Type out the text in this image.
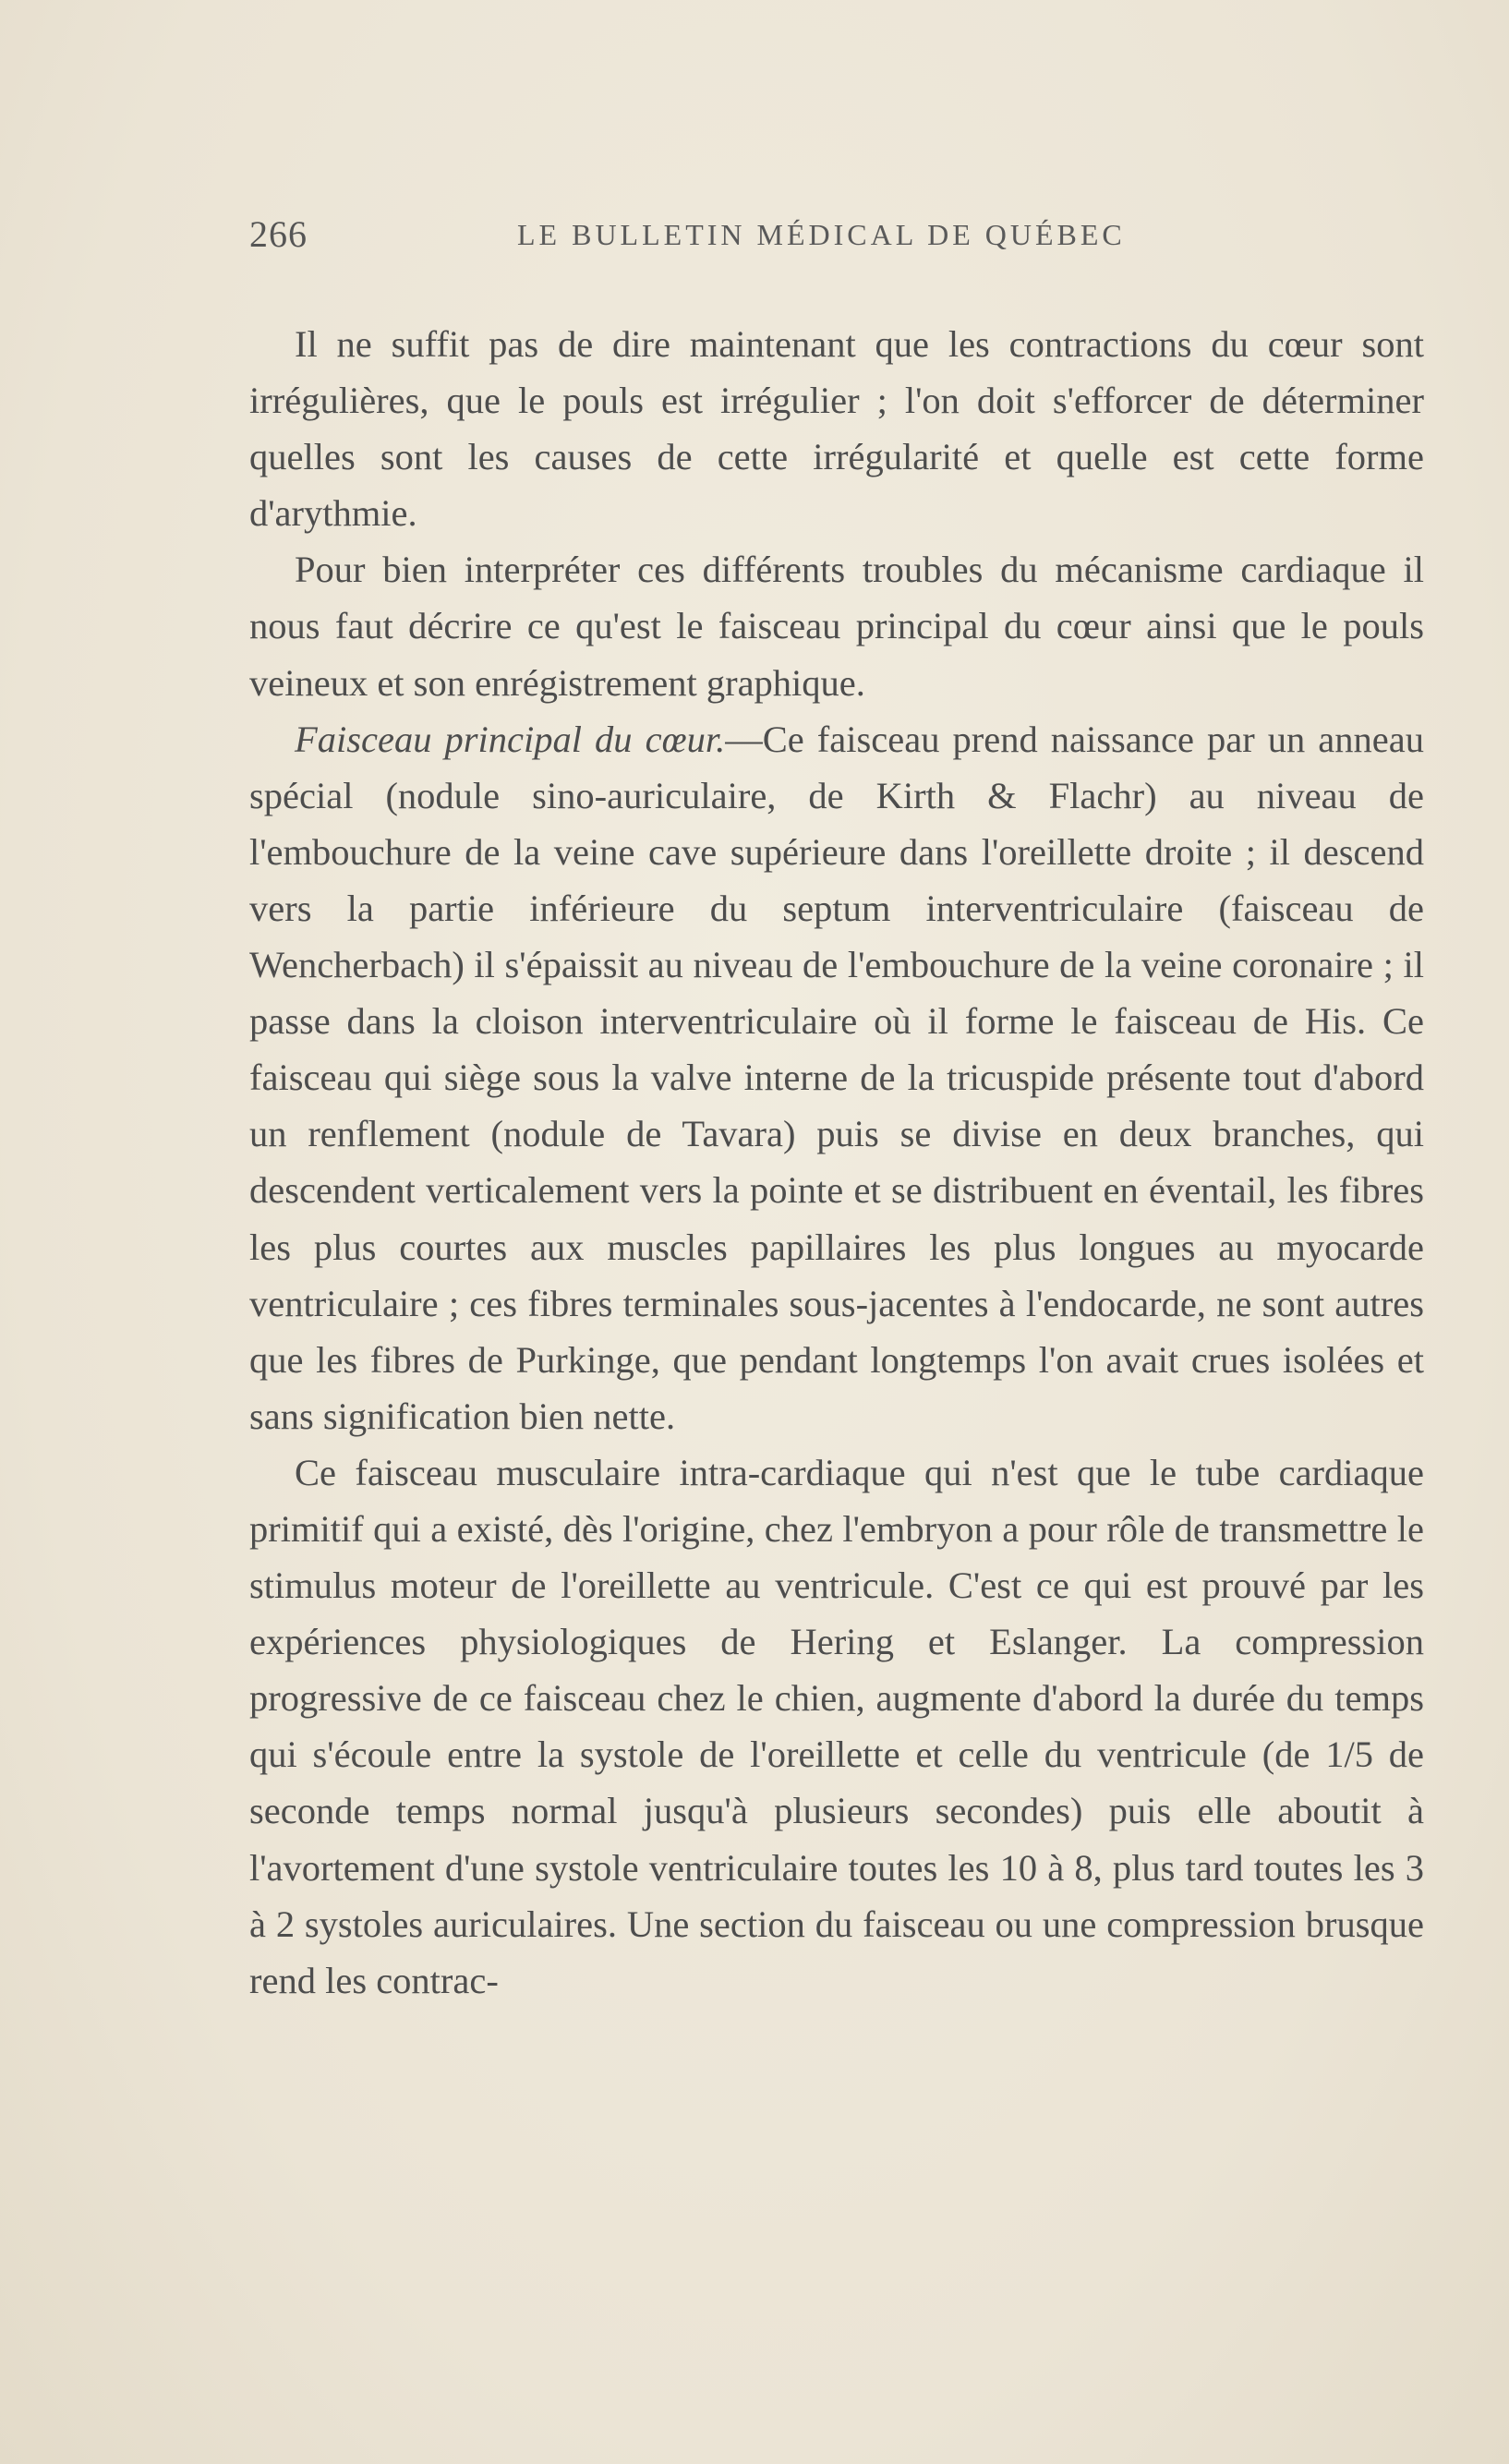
266	LE BULLETIN MÉDICAL DE QUÉBEC

Il ne suffit pas de dire maintenant que les contractions du cœur sont irrégulières, que le pouls est irrégulier ; l'on doit s'efforcer de déterminer quelles sont les causes de cette irrégularité et quelle est cette forme d'arythmie.

Pour bien interpréter ces différents troubles du mécanisme cardiaque il nous faut décrire ce qu'est le faisceau principal du cœur ainsi que le pouls veineux et son enrégistrement graphique.

Faisceau principal du cœur.—Ce faisceau prend naissance par un anneau spécial (nodule sino-auriculaire, de Kirth & Flachr) au niveau de l'embouchure de la veine cave supérieure dans l'oreillette droite ; il descend vers la partie inférieure du septum interventriculaire (faisceau de Wencherbach) il s'épaissit au niveau de l'embouchure de la veine coronaire ; il passe dans la cloison interventriculaire où il forme le faisceau de His. Ce faisceau qui siège sous la valve interne de la tricuspide présente tout d'abord un renflement (nodule de Tavara) puis se divise en deux branches, qui descendent verticalement vers la pointe et se distribuent en éventail, les fibres les plus courtes aux muscles papillaires les plus longues au myocarde ventriculaire ; ces fibres terminales sous-jacentes à l'endocarde, ne sont autres que les fibres de Purkinge, que pendant longtemps l'on avait crues isolées et sans signification bien nette.

Ce faisceau musculaire intra-cardiaque qui n'est que le tube cardiaque primitif qui a existé, dès l'origine, chez l'embryon a pour rôle de transmettre le stimulus moteur de l'oreillette au ventricule. C'est ce qui est prouvé par les expériences physiologiques de Hering et Eslanger. La compression progressive de ce faisceau chez le chien, augmente d'abord la durée du temps qui s'écoule entre la systole de l'oreillette et celle du ventricule (de 1/5 de seconde temps normal jusqu'à plusieurs secondes) puis elle aboutit à l'avortement d'une systole ventriculaire toutes les 10 à 8, plus tard toutes les 3 à 2 systoles auriculaires. Une section du faisceau ou une compression brusque rend les contrac-
